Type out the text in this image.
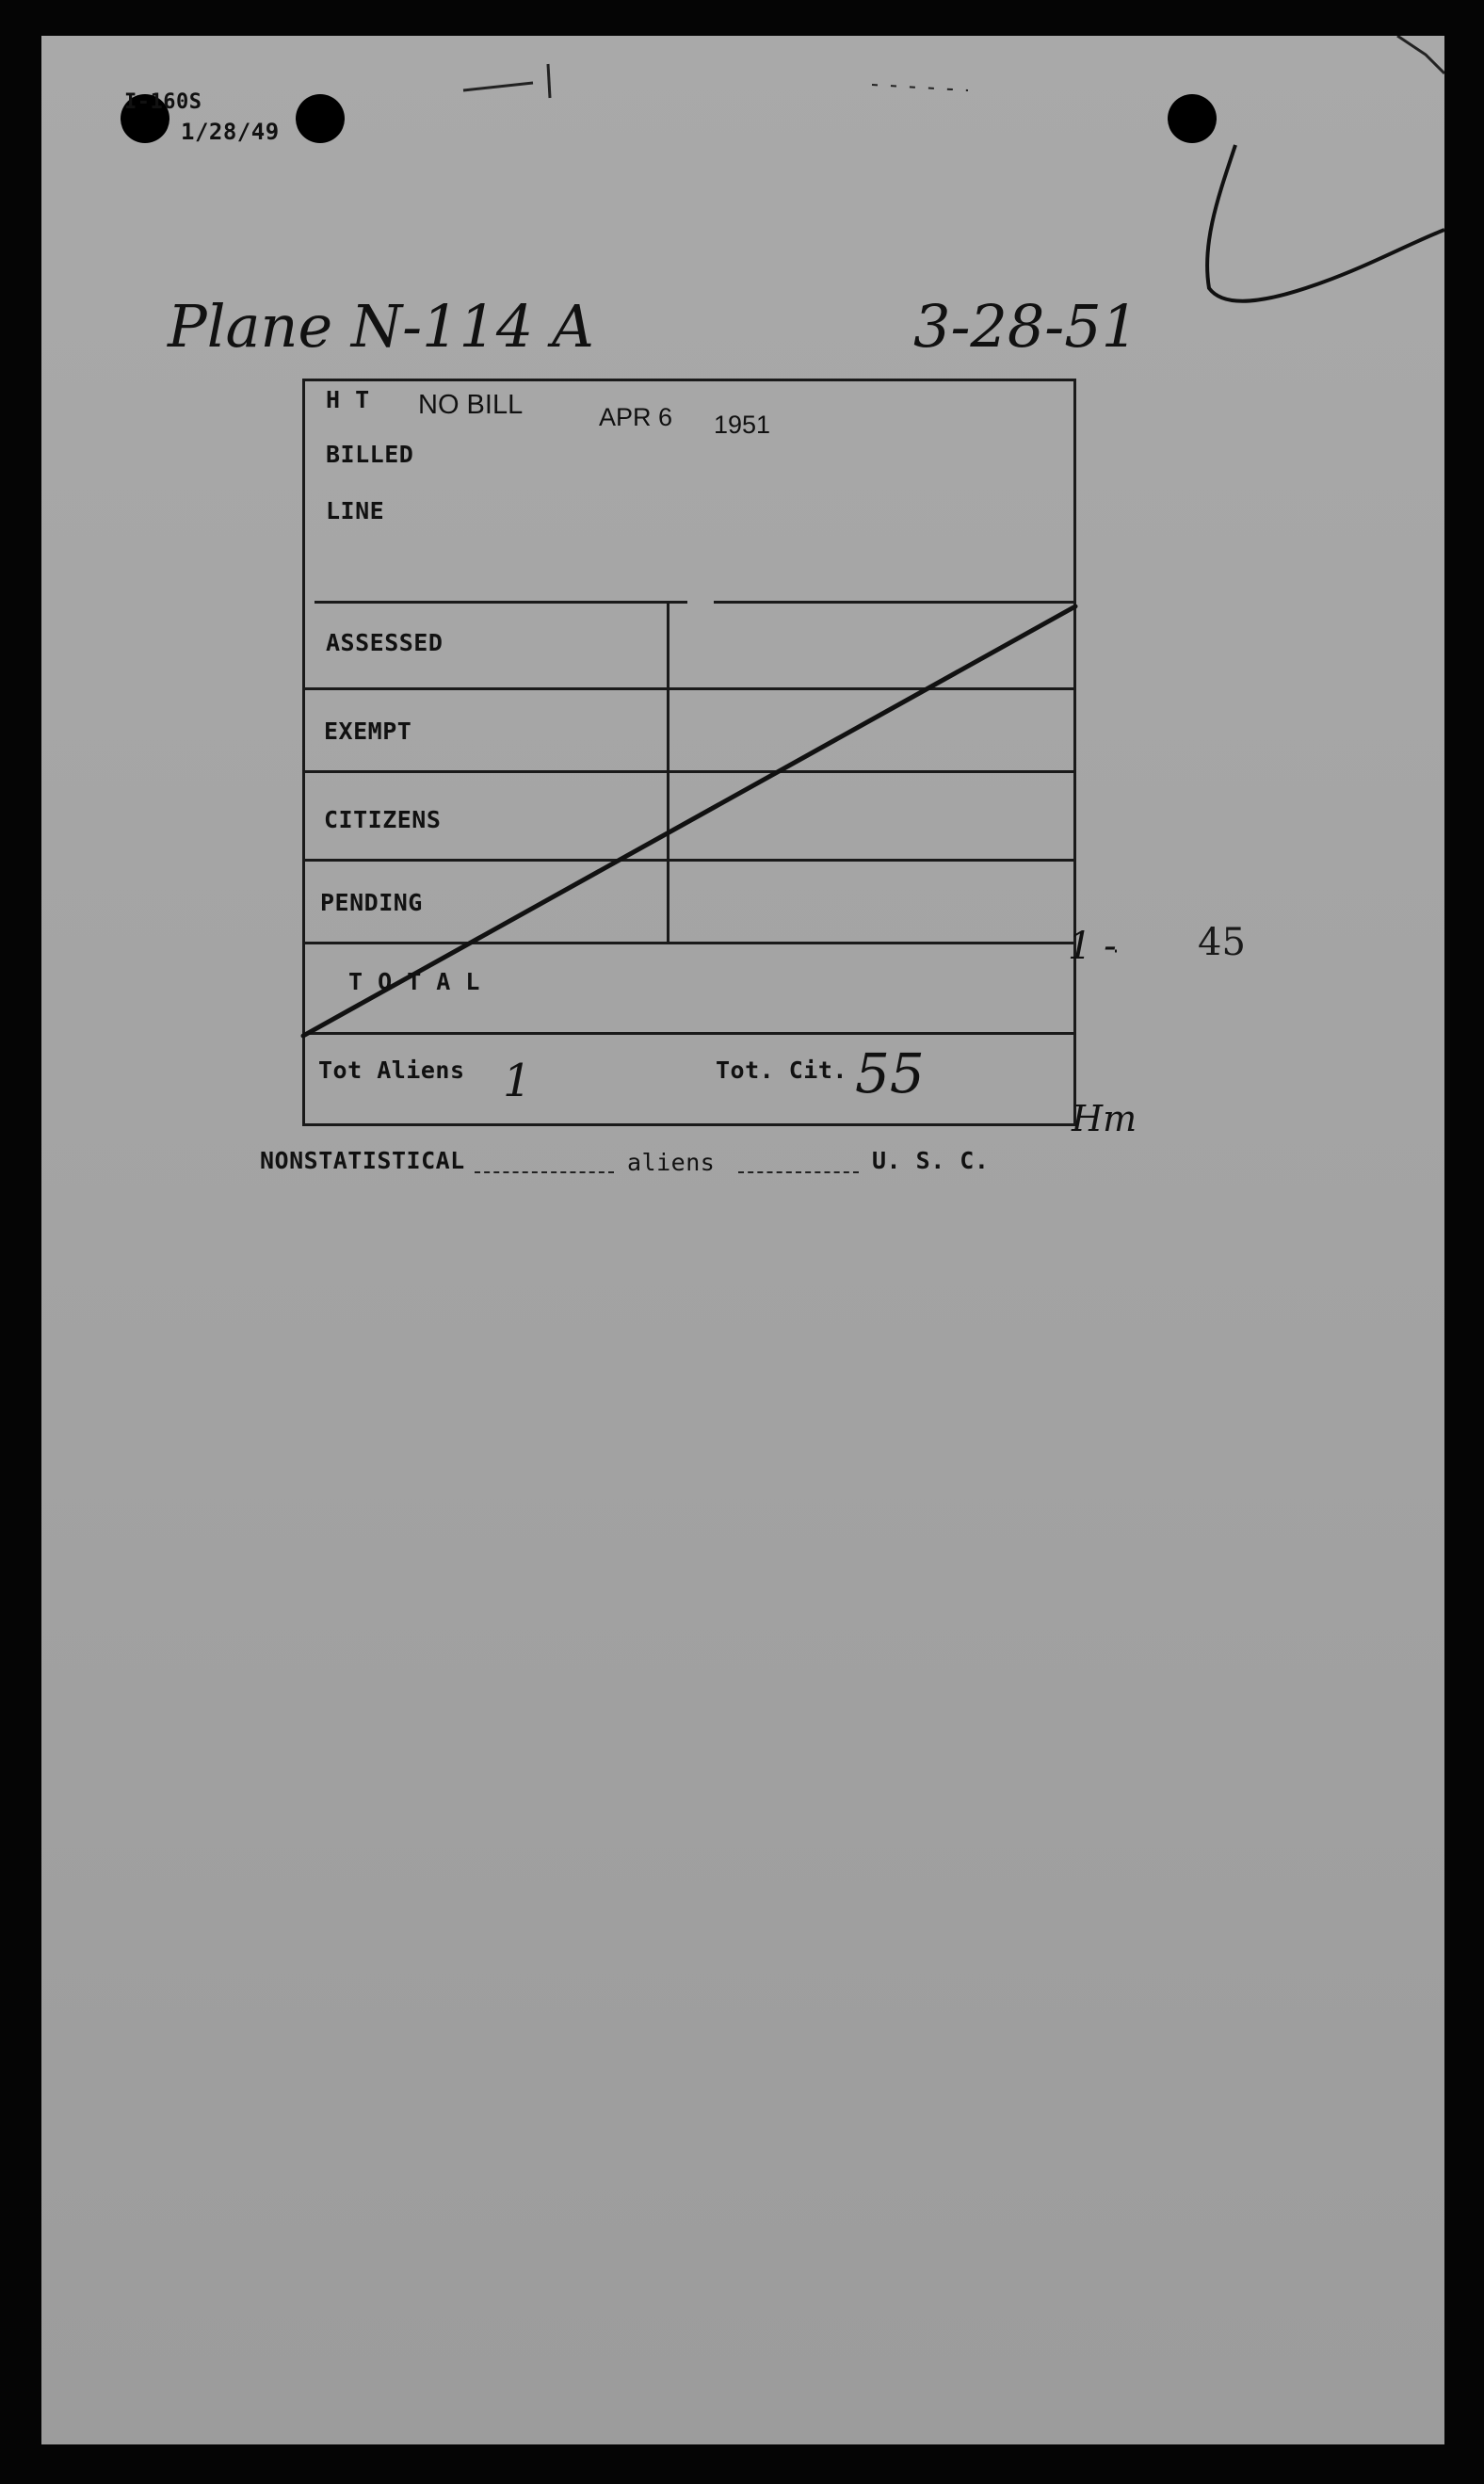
I-160S
1/28/49
Plane N-114 A	3-28-51
H T
BILLED
LINE
ASSESSED
EXEMPT
CITIZENS
PENDING
T O T A L
NO BILL	APR 6 1951
Tot Aliens 1	Tot. Cit. 55
1 - 45
Hm
NONSTATISTICAL	aliens	U. S. C.
